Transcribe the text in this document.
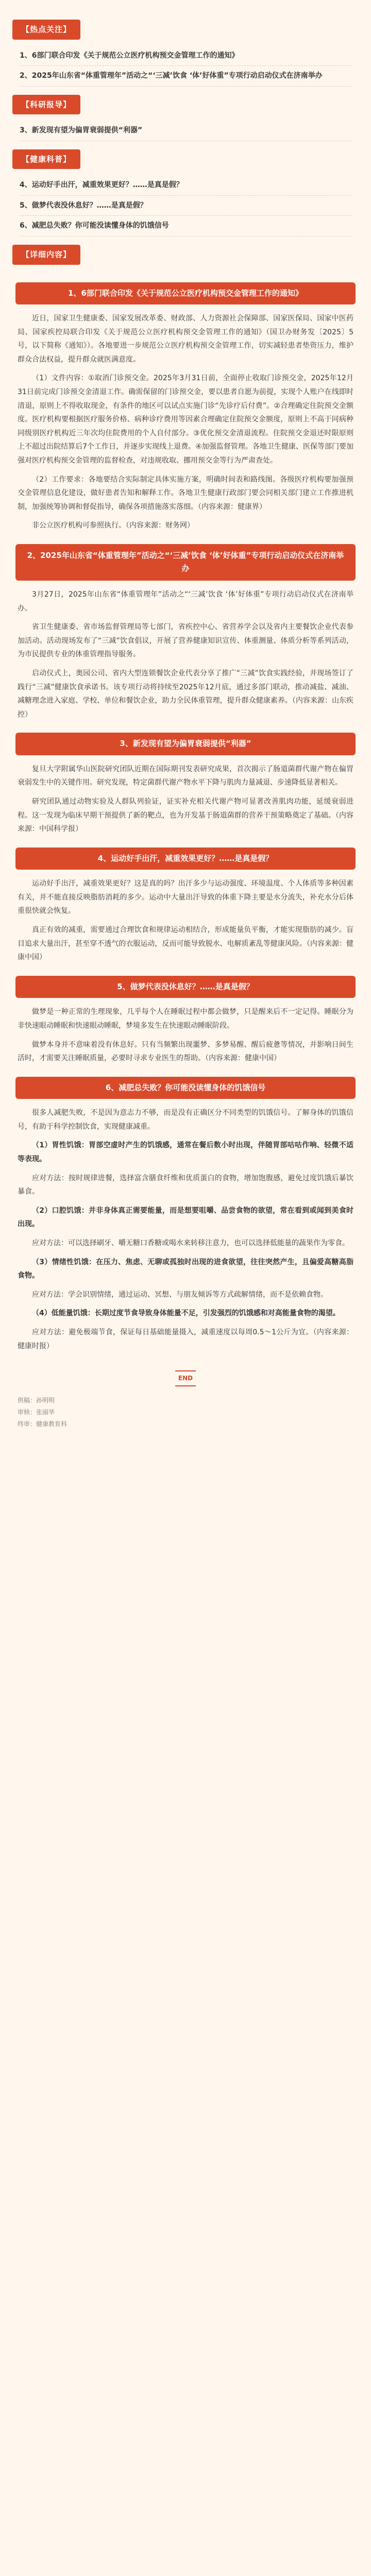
【热点关注】
1、6部门联合印发《关于规范公立医疗机构预交金管理工作的通知》
2、2025年山东省“体重管理年”活动之“‘三减’饮食 ‘体’好体重”专项行动启动仪式在济南举办
【科研报导】
3、新发现有望为偏胃衰弱提供“利器”
【健康科普】
4、运动好手出汗，减重效果更好？……是真是假？
5、做梦代表没休息好？……是真是假？
6、减肥总失败？你可能没读懂身体的饥饿信号
【详细内容】
1、6部门联合印发《关于规范公立医疗机构预交金管理工作的通知》

近日，国家卫生健康委、国家发展改革委、财政部、人力资源社会保障部、国家医保局、国家中医药局、国家疾控局联合印发《关于规范公立医疗机构预交金管理工作的通知》（国卫办财务发〔2025〕5号，以下简称《通知》）。各地要进一步规范公立医疗机构预交金管理工作，切实减轻患者垫资压力，维护群众合法权益，提升群众就医满意度。

（1）文件内容：①取消门诊预交金。2025年3月31日前，全面停止收取门诊预交金，2025年12月31日前完成门诊预交金清退工作。确需保留的门诊预交金，要以患者自愿为前提，实现个人账户在线即时清退，原则上不得收取现金，有条件的地区可以试点实施门诊“先诊疗后付费”。②合理确定住院预交金额度。医疗机构要根据医疗服务价格、病种诊疗费用等因素合理确定住院预交金额度，原则上不高于同病种同级别医疗机构近三年次均住院费用的个人自付部分。③优化预交金清退流程。住院预交金退还时限原则上不超过出院结算后7个工作日，并逐步实现线上退费。④加强监督管理。各地卫生健康、医保等部门要加强对医疗机构预交金管理的监督检查，对违规收取、挪用预交金等行为严肃查处。

（2）工作要求：各地要结合实际制定具体实施方案，明确时间表和路线图。各级医疗机构要加强预交金管理信息化建设，做好患者告知和解释工作。各地卫生健康行政部门要会同相关部门建立工作推进机制，加强统筹协调和督促指导，确保各项措施落实落细。（内容来源：健康界）

非公立医疗机构可参照执行。（内容来源：财务网）

2、2025年山东省“体重管理年”活动之“‘三减’饮食 ‘体’好体重”专项行动启动仪式在济南举办

3月27日，2025年山东省“体重管理年”活动之“‘三减’饮食 ‘体’好体重”专项行动启动仪式在济南举办。

省卫生健康委、省市场监督管理局等七部门，省疾控中心、省营养学会以及省内主要餐饮企业代表参加活动。活动现场发布了“三减”饮食倡议，开展了营养健康知识宣传、体重测量、体质分析等系列活动，为市民提供专业的体重管理指导服务。

启动仪式上，奥园公司、省内大型连锁餐饮企业代表分享了推广“三减”饮食实践经验，并现场签订了践行“三减”健康饮食承诺书。该专项行动将持续至2025年12月底，通过多部门联动，推动减盐、减油、减糖理念进入家庭、学校、单位和餐饮企业，助力全民体重管理，提升群众健康素养。（内容来源：山东疾控）

3、新发现有望为偏胃衰弱提供“利器”

复旦大学附属华山医院研究团队近期在国际期刊发表研究成果，首次揭示了肠道菌群代谢产物在偏胃衰弱发生中的关键作用。研究发现，特定菌群代谢产物水平下降与肌肉力量减退、步速降低显著相关。

研究团队通过动物实验及人群队列验证，证实补充相关代谢产物可显著改善肌肉功能，延缓衰弱进程。这一发现为临床早期干预提供了新的靶点，也为开发基于肠道菌群的营养干预策略奠定了基础。（内容来源：中国科学报）

4、运动好手出汗，减重效果更好？……是真是假？

运动好手出汗，减重效果更好？这是真的吗？出汗多少与运动强度、环境温度、个人体质等多种因素有关，并不能直接反映脂肪消耗的多少。运动中大量出汗导致的体重下降主要是水分流失，补充水分后体重很快就会恢复。

真正有效的减重，需要通过合理饮食和规律运动相结合，形成能量负平衡，才能实现脂肪的减少。盲目追求大量出汗，甚至穿不透气的衣服运动，反而可能导致脱水、电解质紊乱等健康风险。（内容来源：健康中国）

5、做梦代表没休息好？……是真是假？

做梦是一种正常的生理现象，几乎每个人在睡眠过程中都会做梦，只是醒来后不一定记得。睡眠分为非快速眼动睡眠和快速眼动睡眠，梦境多发生在快速眼动睡眠阶段。

做梦本身并不意味着没有休息好。只有当频繁出现噩梦、多梦易醒、醒后疲惫等情况，并影响日间生活时，才需要关注睡眠质量，必要时寻求专业医生的帮助。（内容来源：健康中国）

6、减肥总失败？你可能没读懂身体的饥饿信号

很多人减肥失败，不是因为意志力不够，而是没有正确区分不同类型的饥饿信号。了解身体的饥饿信号，有助于科学控制饮食，实现健康减重。

（1）胃性饥饿：胃部空虚时产生的饥饿感，通常在餐后数小时出现，伴随胃部咕咕作响、轻微不适等表现。

应对方法：按时规律进餐，选择富含膳食纤维和优质蛋白的食物，增加饱腹感，避免过度饥饿后暴饮暴食。

（2）口腔饥饿：并非身体真正需要能量，而是想要咀嚼、品尝食物的欲望，常在看到或闻到美食时出现。

应对方法：可以选择刷牙、嚼无糖口香糖或喝水来转移注意力，也可以选择低能量的蔬果作为零食。

（3）情绪性饥饿：在压力、焦虑、无聊或孤独时出现的进食欲望，往往突然产生，且偏爱高糖高脂食物。

应对方法：学会识别情绪，通过运动、冥想、与朋友倾诉等方式疏解情绪，而不是依赖食物。

（4）低能量饥饿：长期过度节食导致身体能量不足，引发强烈的饥饿感和对高能量食物的渴望。

应对方法：避免极端节食，保证每日基础能量摄入，减重速度以每周0.5～1公斤为宜。（内容来源：健康时报）

END
供稿：孙明明
审核：张丽华
终审：健康教育科
